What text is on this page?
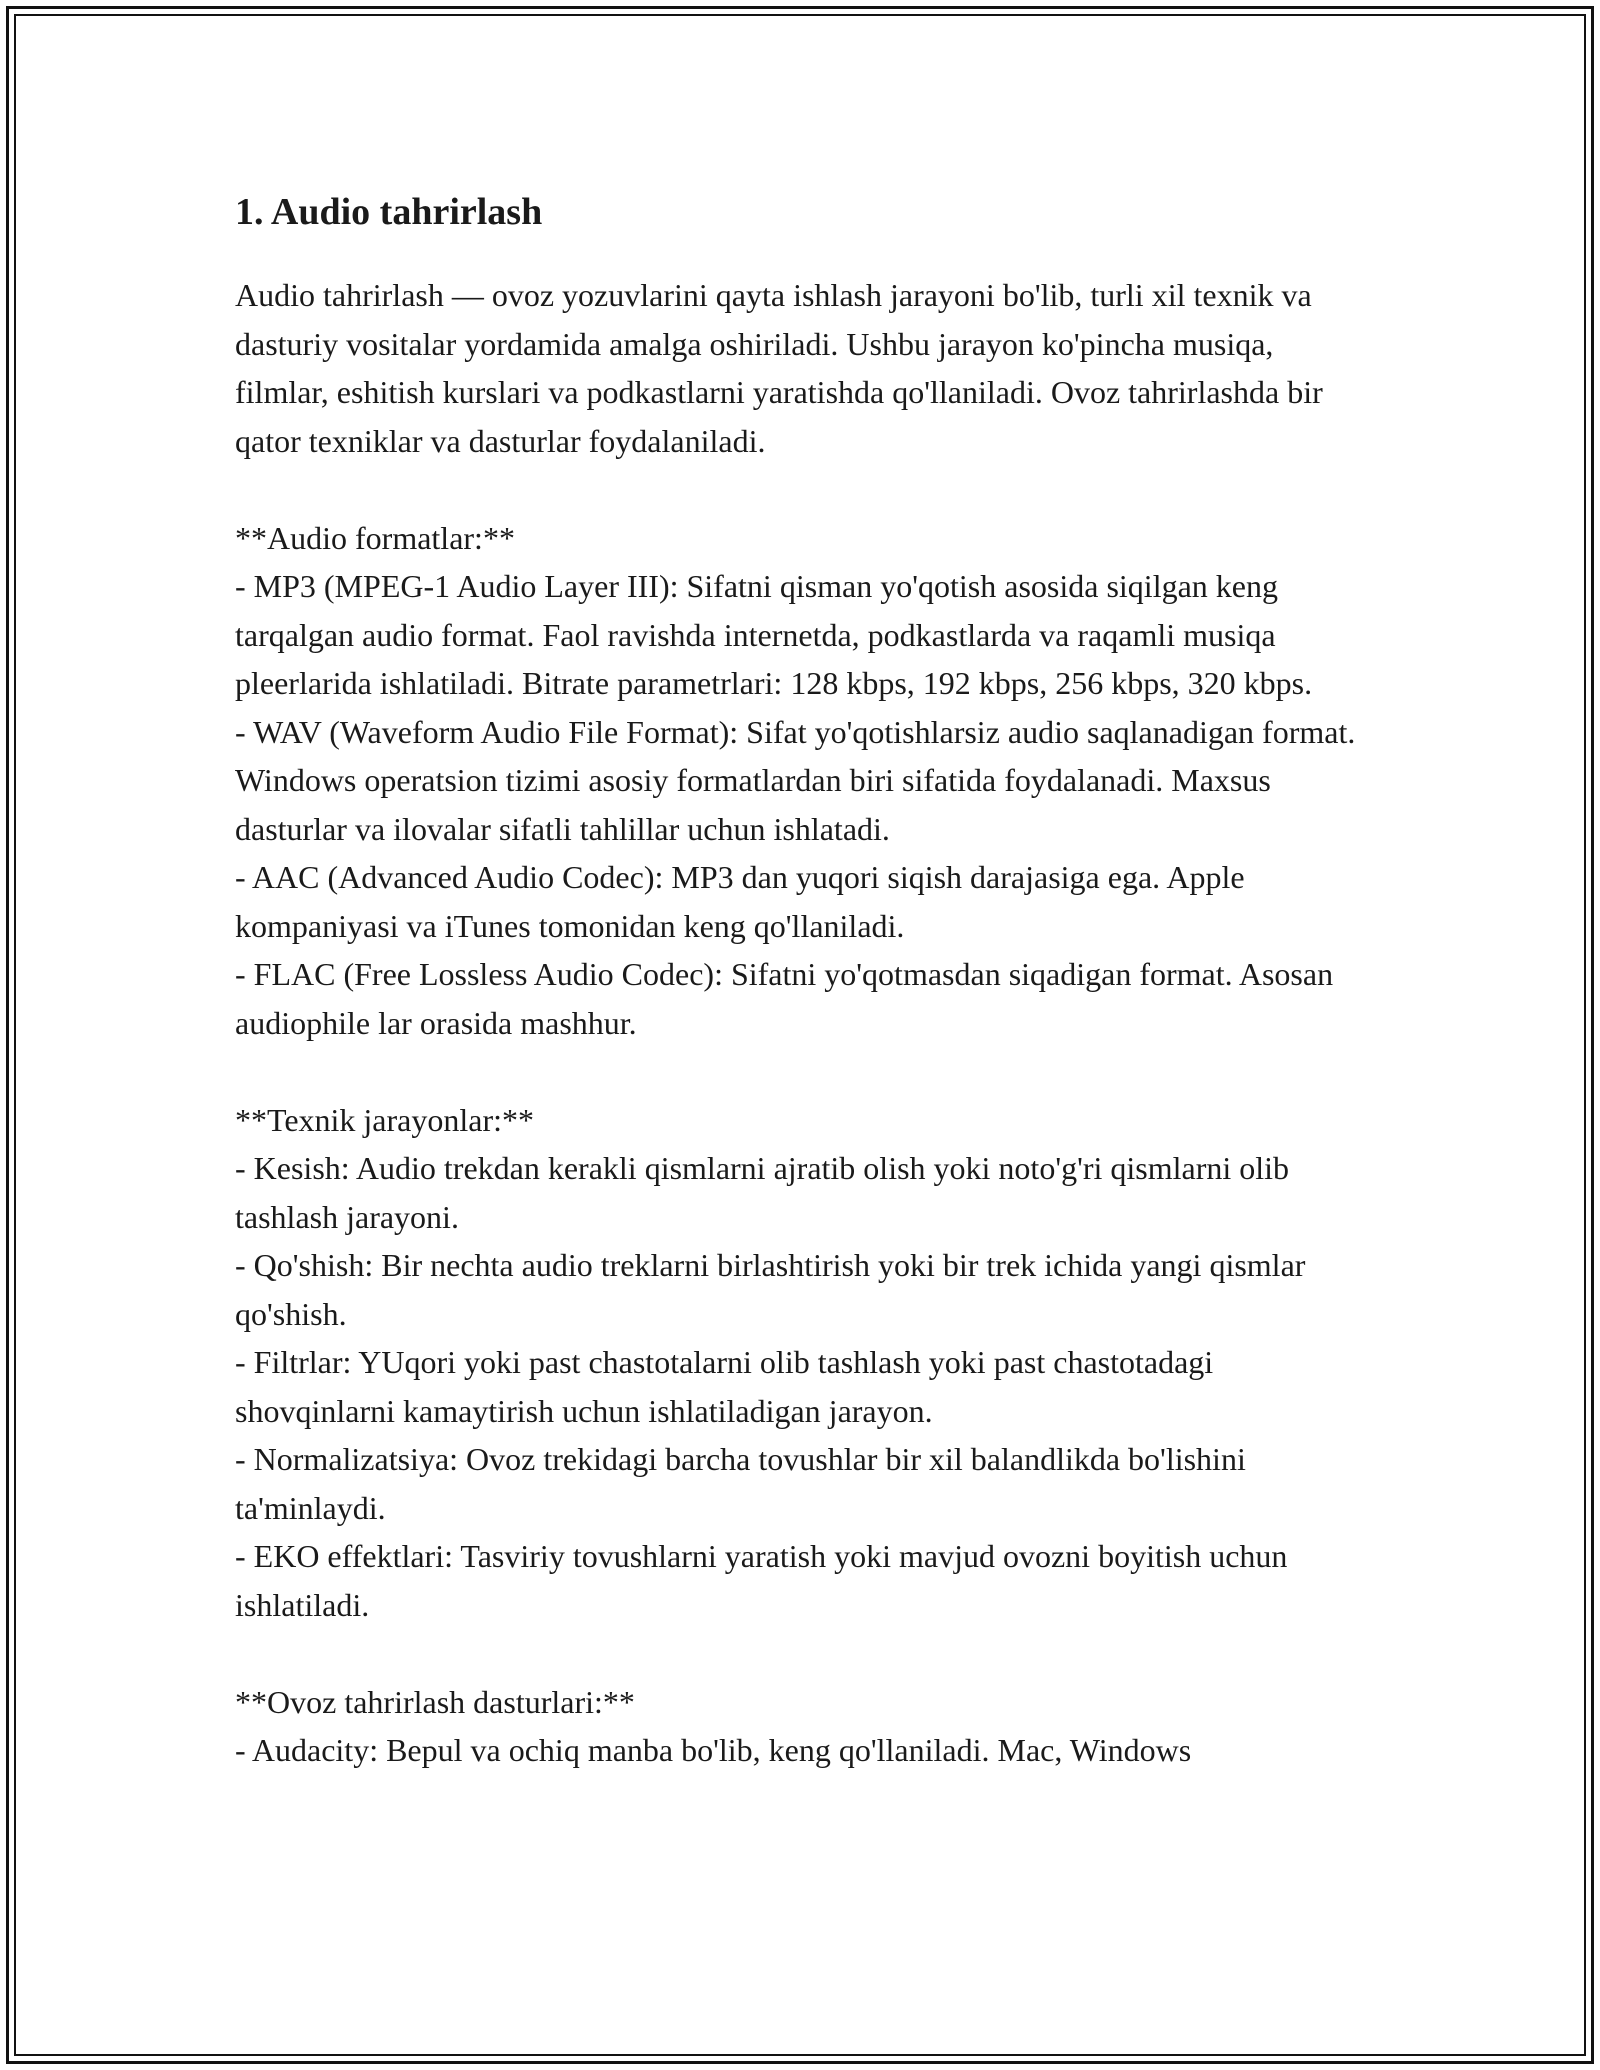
1. Audio tahrirlash

Audio tahrirlash — ovoz yozuvlarini qayta ishlash jarayoni bo'lib, turli xil texnik va dasturiy vositalar yordamida amalga oshiriladi. Ushbu jarayon ko'pincha musiqa, filmlar, eshitish kurslari va podkastlarni yaratishda qo'llaniladi. Ovoz tahrirlashda bir qator texniklar va dasturlar foydalaniladi.

**Audio formatlar:**

- MP3 (MPEG-1 Audio Layer III): Sifatni qisman yo'qotish asosida siqilgan keng tarqalgan audio format. Faol ravishda internetda, podkastlarda va raqamli musiqa pleerlarida ishlatiladi. Bitrate parametrlari: 128 kbps, 192 kbps, 256 kbps, 320 kbps.

- WAV (Waveform Audio File Format): Sifat yo'qotishlarsiz audio saqlanadigan format. Windows operatsion tizimi asosiy formatlardan biri sifatida foydalanadi. Maxsus dasturlar va ilovalar sifatli tahlillar uchun ishlatadi.

- AAC (Advanced Audio Codec): MP3 dan yuqori siqish darajasiga ega. Apple kompaniyasi va iTunes tomonidan keng qo'llaniladi.

- FLAC (Free Lossless Audio Codec): Sifatni yo'qotmasdan siqadigan format. Asosan audiophile lar orasida mashhur.

**Texnik jarayonlar:**

- Kesish: Audio trekdan kerakli qismlarni ajratib olish yoki noto'g'ri qismlarni olib tashlash jarayoni.

- Qo'shish: Bir nechta audio treklarni birlashtirish yoki bir trek ichida yangi qismlar qo'shish.

- Filtrlar: YUqori yoki past chastotalarni olib tashlash yoki past chastotadagi shovqinlarni kamaytirish uchun ishlatiladigan jarayon.

- Normalizatsiya: Ovoz trekidagi barcha tovushlar bir xil balandlikda bo'lishini ta'minlaydi.

- EKO effektlari: Tasviriy tovushlarni yaratish yoki mavjud ovozni boyitish uchun ishlatiladi.

**Ovoz tahrirlash dasturlari:**

- Audacity: Bepul va ochiq manba bo'lib, keng qo'llaniladi. Mac, Windows
